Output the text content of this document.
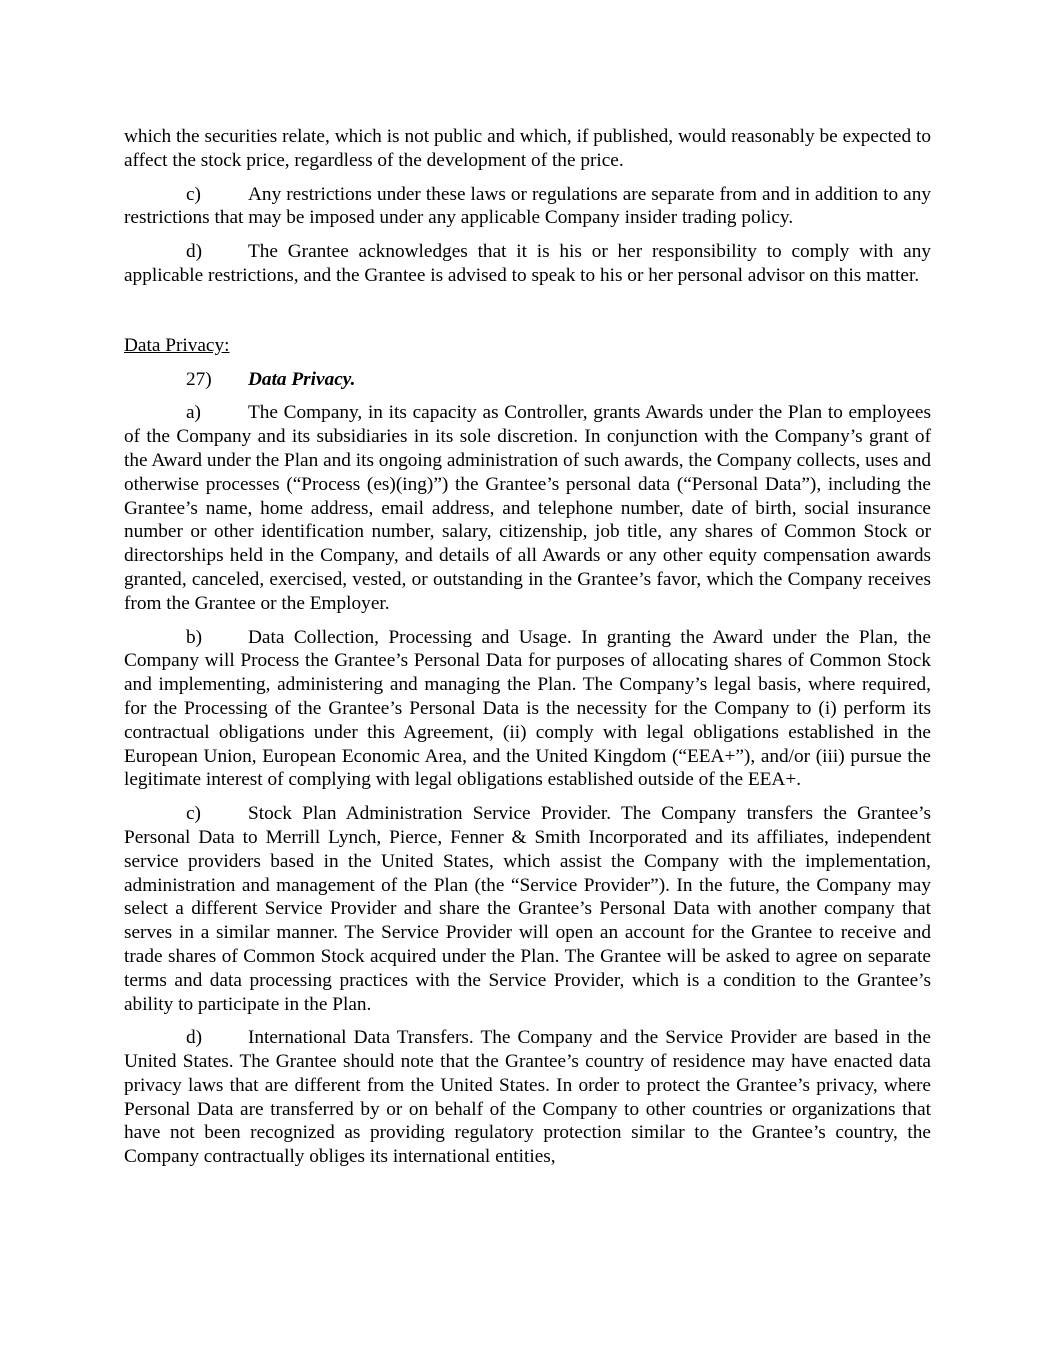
which the securities relate, which is not public and which, if published, would reasonably be expected to affect the stock price, regardless of the development of the price.

c) Any restrictions under these laws or regulations are separate from and in addition to any restrictions that may be imposed under any applicable Company insider trading policy.

d) The Grantee acknowledges that it is his or her responsibility to comply with any applicable restrictions, and the Grantee is advised to speak to his or her personal advisor on this matter.

Data Privacy:

27) Data Privacy.

a) The Company, in its capacity as Controller, grants Awards under the Plan to employees of the Company and its subsidiaries in its sole discretion. In conjunction with the Company’s grant of the Award under the Plan and its ongoing administration of such awards, the Company collects, uses and otherwise processes (“Process (es)(ing)”) the Grantee’s personal data (“Personal Data”), including the Grantee’s name, home address, email address, and telephone number, date of birth, social insurance number or other identification number, salary, citizenship, job title, any shares of Common Stock or directorships held in the Company, and details of all Awards or any other equity compensation awards granted, canceled, exercised, vested, or outstanding in the Grantee’s favor, which the Company receives from the Grantee or the Employer.

b) Data Collection, Processing and Usage. In granting the Award under the Plan, the Company will Process the Grantee’s Personal Data for purposes of allocating shares of Common Stock and implementing, administering and managing the Plan. The Company’s legal basis, where required, for the Processing of the Grantee’s Personal Data is the necessity for the Company to (i) perform its contractual obligations under this Agreement, (ii) comply with legal obligations established in the European Union, European Economic Area, and the United Kingdom (“EEA+”), and/or (iii) pursue the legitimate interest of complying with legal obligations established outside of the EEA+.

c) Stock Plan Administration Service Provider. The Company transfers the Grantee’s Personal Data to Merrill Lynch, Pierce, Fenner & Smith Incorporated and its affiliates, independent service providers based in the United States, which assist the Company with the implementation, administration and management of the Plan (the “Service Provider”). In the future, the Company may select a different Service Provider and share the Grantee’s Personal Data with another company that serves in a similar manner. The Service Provider will open an account for the Grantee to receive and trade shares of Common Stock acquired under the Plan. The Grantee will be asked to agree on separate terms and data processing practices with the Service Provider, which is a condition to the Grantee’s ability to participate in the Plan.

d) International Data Transfers. The Company and the Service Provider are based in the United States. The Grantee should note that the Grantee’s country of residence may have enacted data privacy laws that are different from the United States. In order to protect the Grantee’s privacy, where Personal Data are transferred by or on behalf of the Company to other countries or organizations that have not been recognized as providing regulatory protection similar to the Grantee’s country, the Company contractually obliges its international entities,
